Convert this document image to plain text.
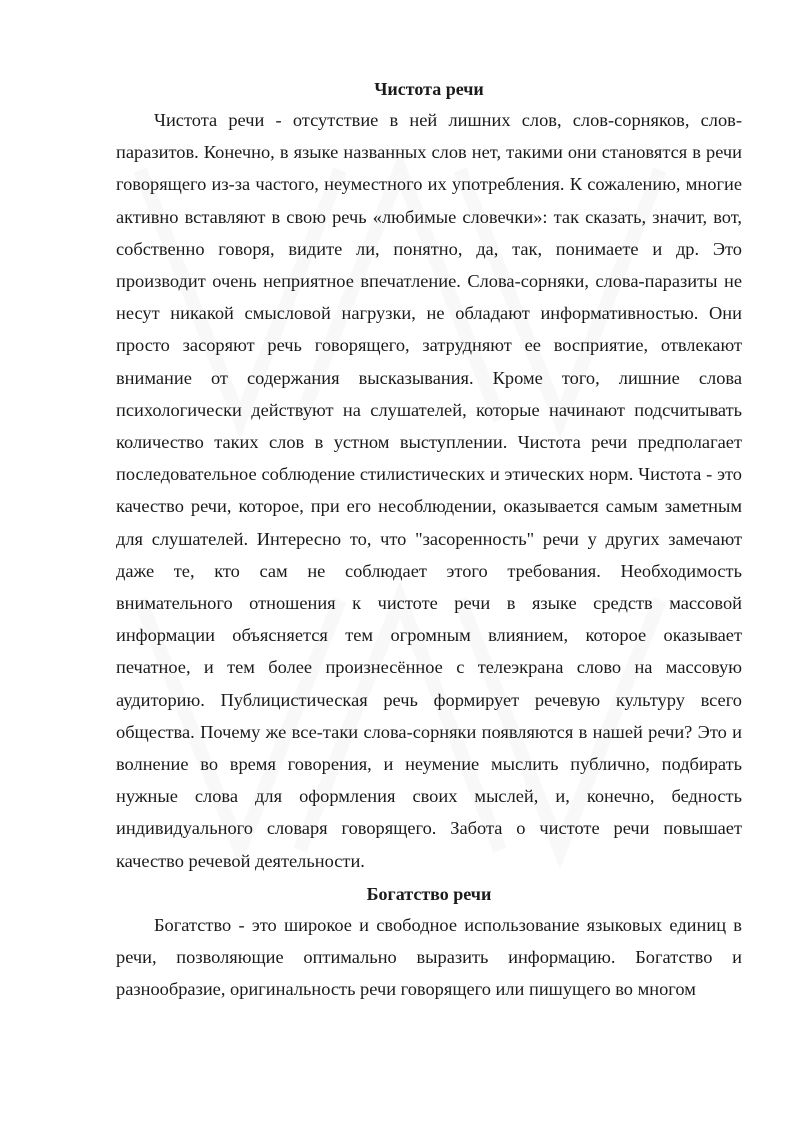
Чистота речи

Чистота речи - отсутствие в ней лишних слов, слов-сорняков, слов-паразитов. Конечно, в языке названных слов нет, такими они становятся в речи говорящего из-за частого, неуместного их употребления. К сожалению, многие активно вставляют в свою речь «любимые словечки»: так сказать, значит, вот, собственно говоря, видите ли, понятно, да, так, понимаете и др. Это производит очень неприятное впечатление. Слова-сорняки, слова-паразиты не несут никакой смысловой нагрузки, не обладают информативностью. Они просто засоряют речь говорящего, затрудняют ее восприятие, отвлекают внимание от содержания высказывания. Кроме того, лишние слова психологически действуют на слушателей, которые начинают подсчитывать количество таких слов в устном выступлении. Чистота речи предполагает последовательное соблюдение стилистических и этических норм. Чистота - это качество речи, которое, при его несоблюдении, оказывается самым заметным для слушателей. Интересно то, что "засоренность" речи у других замечают даже те, кто сам не соблюдает этого требования. Необходимость внимательного отношения к чистоте речи в языке средств массовой информации объясняется тем огромным влиянием, которое оказывает печатное, и тем более произнесённое с телеэкрана слово на массовую аудиторию. Публицистическая речь формирует речевую культуру всего общества. Почему же все-таки слова-сорняки появляются в нашей речи? Это и волнение во время говорения, и неумение мыслить публично, подбирать нужные слова для оформления своих мыслей, и, конечно, бедность индивидуального словаря говорящего. Забота о чистоте речи повышает качество речевой деятельности.

Богатство речи

Богатство - это широкое и свободное использование языковых единиц в речи, позволяющие оптимально выразить информацию. Богатство и разнообразие, оригинальность речи говорящего или пишущего во многом
